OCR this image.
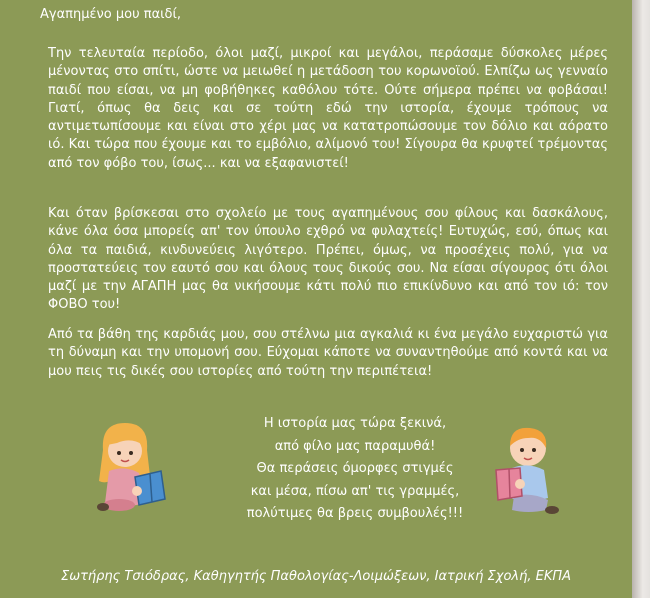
Αγαπημένο μου παιδί,
Την τελευταία περίοδο, όλοι μαζί, μικροί και μεγάλοι, περάσαμε δύσκολες μέρες μένοντας στο σπίτι, ώστε να μειωθεί η μετάδοση του κορωνοϊού. Ελπίζω ως γενναίο παιδί που είσαι, να μη φοβήθηκες καθόλου τότε. Ούτε σήμερα πρέπει να φοβάσαι! Γιατί, όπως θα δεις και σε τούτη εδώ την ιστορία, έχουμε τρόπους να αντιμετωπίσουμε και είναι στο χέρι μας να κατατροπώσουμε τον δόλιο και αόρατο ιό. Και τώρα που έχουμε και το εμβόλιο, αλίμονό του! Σίγουρα θα κρυφτεί τρέμοντας από τον φόβο του, ίσως... και να εξαφανιστεί!
Και όταν βρίσκεσαι στο σχολείο με τους αγαπημένους σου φίλους και δασκάλους, κάνε όλα όσα μπορείς απ' τον ύπουλο εχθρό να φυλαχτείς! Ευτυχώς, εσύ, όπως και όλα τα παιδιά, κινδυνεύεις λιγότερο. Πρέπει, όμως, να προσέχεις πολύ, για να προστατεύεις τον εαυτό σου και όλους τους δικούς σου. Να είσαι σίγουρος ότι όλοι μαζί με την ΑΓΑΠΗ μας θα νικήσουμε κάτι πολύ πιο επικίνδυνο και από τον ιό: τον ΦΟΒΟ του!
Από τα βάθη της καρδιάς μου, σου στέλνω μια αγκαλιά κι ένα μεγάλο ευχαριστώ για τη δύναμη και την υπομονή σου. Εύχομαι κάποτε να συναντηθούμε από κοντά και να μου πεις τις δικές σου ιστορίες από τούτη την περιπέτεια!
Η ιστορία μας τώρα ξεκινά,
από φίλο μας παραμυθά!
Θα περάσεις όμορφες στιγμές
και μέσα, πίσω απ' τις γραμμές,
πολύτιμες θα βρεις συμβουλές!!!
Σωτήρης Τσιόδρας, Καθηγητής Παθολογίας-Λοιμώξεων, Ιατρική Σχολή, ΕΚΠΑ
